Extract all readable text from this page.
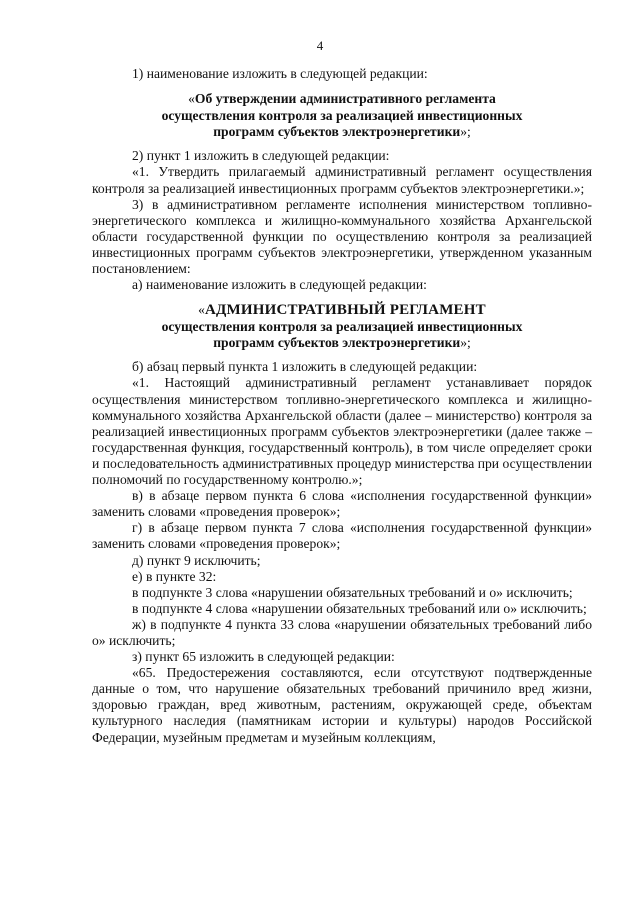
4

1) наименование изложить в следующей редакции:

«Об утверждении административного регламента
осуществления контроля за реализацией инвестиционных
программ субъектов электроэнергетики»;

2) пункт 1 изложить в следующей редакции:

«1. Утвердить прилагаемый административный регламент осуществления контроля за реализацией инвестиционных программ субъектов электроэнергетики.»;

3) в административном регламенте исполнения министерством топливно-энергетического комплекса и жилищно-коммунального хозяйства Архангельской области государственной функции по осуществлению контроля за реализацией инвестиционных программ субъектов электроэнергетики, утвержденном указанным постановлением:

а) наименование изложить в следующей редакции:

«АДМИНИСТРАТИВНЫЙ РЕГЛАМЕНТ
осуществления контроля за реализацией инвестиционных
программ субъектов электроэнергетики»;

б) абзац первый пункта 1 изложить в следующей редакции:

«1. Настоящий административный регламент устанавливает порядок осуществления министерством топливно-энергетического комплекса и жилищно-коммунального хозяйства Архангельской области (далее – министерство) контроля за реализацией инвестиционных программ субъектов электроэнергетики (далее также – государственная функция, государственный контроль), в том числе определяет сроки и последовательность административных процедур министерства при осуществлении полномочий по государственному контролю.»;

в) в абзаце первом пункта 6 слова «исполнения государственной функции» заменить словами «проведения проверок»;

г) в абзаце первом пункта 7 слова «исполнения государственной функции» заменить словами «проведения проверок»;

д) пункт 9 исключить;

е) в пункте 32:

в подпункте 3 слова «нарушении обязательных требований и о» исключить;

в подпункте 4 слова «нарушении обязательных требований или о» исключить;

ж) в подпункте 4 пункта 33 слова «нарушении обязательных требований либо о» исключить;

з) пункт 65 изложить в следующей редакции:

«65. Предостережения составляются, если отсутствуют подтвержденные данные о том, что нарушение обязательных требований причинило вред жизни, здоровью граждан, вред животным, растениям, окружающей среде, объектам культурного наследия (памятникам истории и культуры) народов Российской Федерации, музейным предметам и музейным коллекциям,
